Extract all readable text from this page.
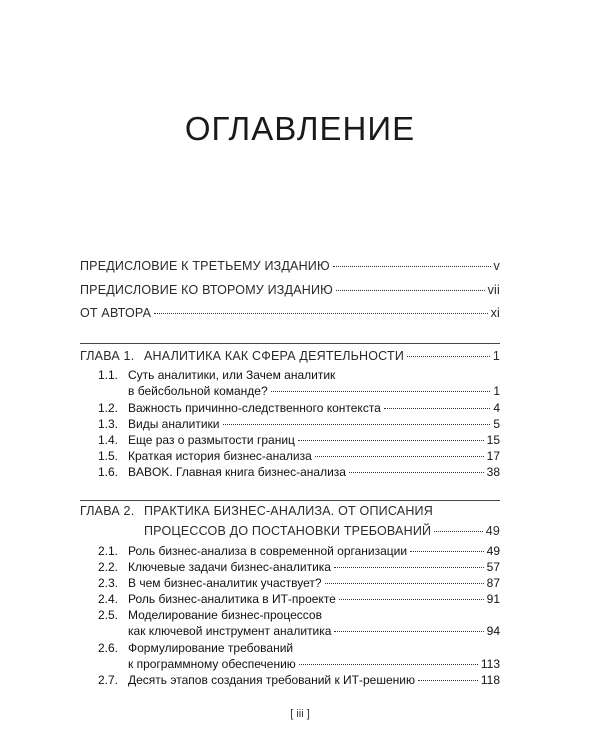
ОГЛАВЛЕНИЕ
ПРЕДИСЛОВИЕ К ТРЕТЬЕМУ ИЗДАНИЮ	v
ПРЕДИСЛОВИЕ КО ВТОРОМУ ИЗДАНИЮ	vii
ОТ АВТОРА	xi
ГЛАВА 1. АНАЛИТИКА КАК СФЕРА ДЕЯТЕЛЬНОСТИ	1
1.1. Суть аналитики, или Зачем аналитик
в бейсбольной команде?	1
1.2. Важность причинно-следственного контекста	4
1.3. Виды аналитики	5
1.4. Еще раз о размытости границ	15
1.5. Краткая история бизнес-анализа	17
1.6. BABOK. Главная книга бизнес-анализа	38
ГЛАВА 2. ПРАКТИКА БИЗНЕС-АНАЛИЗА. ОТ ОПИСАНИЯ
ПРОЦЕССОВ ДО ПОСТАНОВКИ ТРЕБОВАНИЙ	49
2.1. Роль бизнес-анализа в современной организации	49
2.2. Ключевые задачи бизнес-аналитика	57
2.3. В чем бизнес-аналитик участвует?	87
2.4. Роль бизнес-аналитика в ИТ-проекте	91
2.5. Моделирование бизнес-процессов
как ключевой инструмент аналитика	94
2.6. Формулирование требований
к программному обеспечению	113
2.7. Десять этапов создания требований к ИТ-решению	118
[ iii ]
